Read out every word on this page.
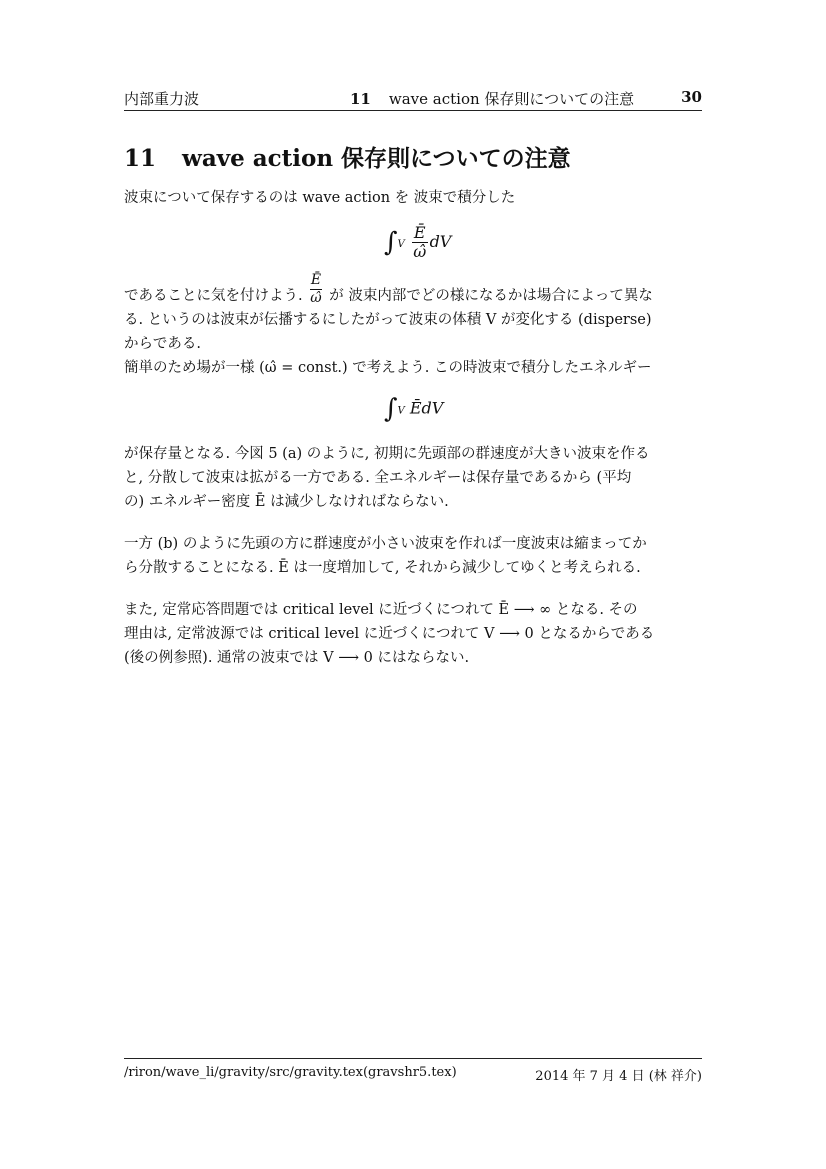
内部重力波	11 wave action 保存則についての注意	30
11 wave action 保存則についての注意
波束について保存するのは wave action を 波束で積分した
$\int V \frac{Ē}{\omegâ}$ dV
であることに気を付けよう. $\frac{Ē}{\omegâ}$ が 波束内部でどの様になるかは場合によって異な
る. というのは波束が伝播するにしたがって波束の体積 V が変化する (disperse)
からである.
簡単のため場が一様 (ω̂ = const.) で考えよう. この時波束で積分したエネルギー
∫V ĒdV
が保存量となる. 今図 5 (a) のように, 初期に先頭部の群速度が大きい波束を作る
と, 分散して波束は拡がる一方である. 全エネルギーは保存量であるから (平均
の) エネルギー密度 Ē は減少しなければならない.
一方 (b) のように先頭の方に群速度が小さい波束を作れば一度波束は縮まってか
ら分散することになる. Ē は一度増加して, それから減少してゆくと考えられる.
また, 定常応答問題では critical level に近づくにつれて Ē ⟶ ∞ となる. その
理由は, 定常波源では critical level に近づくにつれて V ⟶ 0 となるからである
(後の例参照). 通常の波束では V ⟶ 0 にはならない.
/riron/wave_li/gravity/src/gravity.tex(gravshr5.tex)	2014 年 7 月 4 日 (林 祥介)
